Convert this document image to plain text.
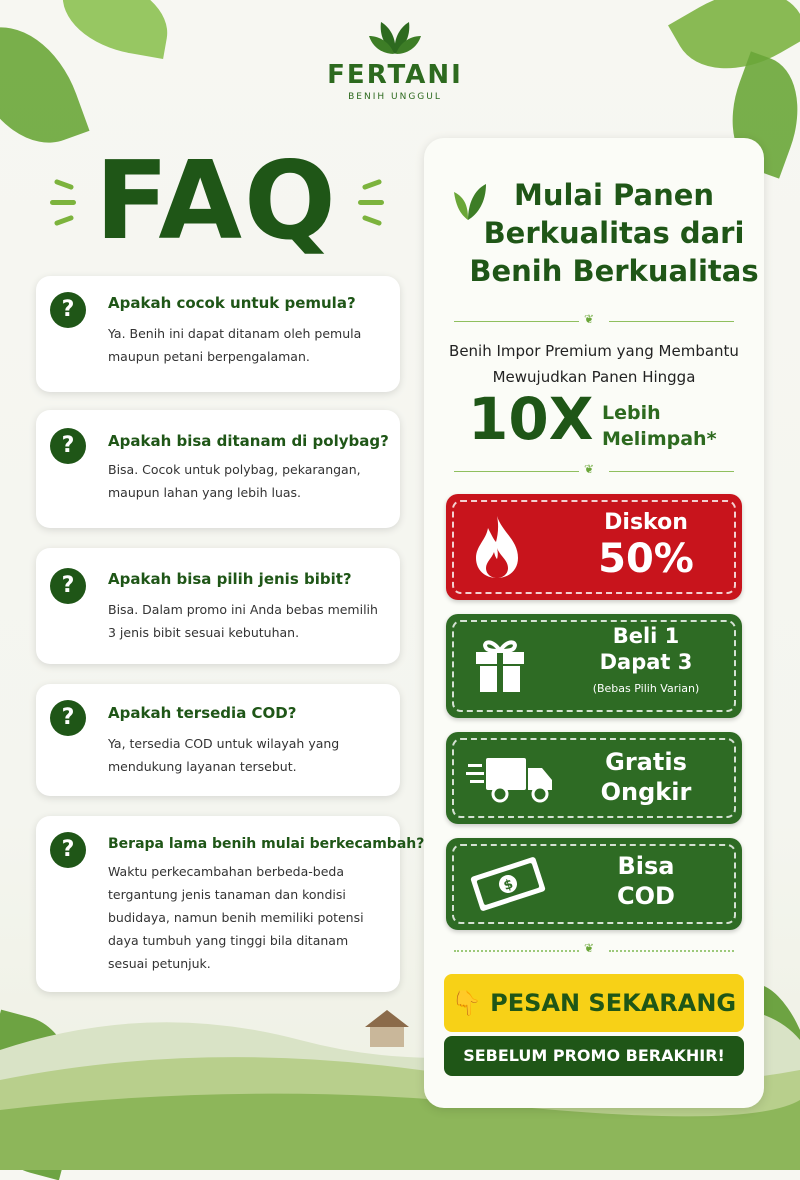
FERTANI
BENIH UNGGUL
FAQ
?	Apakah cocok untuk pemula?
Ya. Benih ini dapat ditanam oleh pemula maupun petani berpengalaman.
?	Apakah bisa ditanam di polybag?
Bisa. Cocok untuk polybag, pekarangan, maupun lahan yang lebih luas.
?	Apakah bisa pilih jenis bibit?
Bisa. Dalam promo ini Anda bebas memilih 3 jenis bibit sesuai kebutuhan.
?	Apakah tersedia COD?
Ya, tersedia COD untuk wilayah yang mendukung layanan tersebut.
?	Berapa lama benih mulai berkecambah?
Waktu perkecambahan berbeda-beda tergantung jenis tanaman dan kondisi budidaya, namun benih memiliki potensi daya tumbuh yang tinggi bila ditanam sesuai petunjuk.
Mulai Panen Berkualitas dari Benih Berkualitas
❦
Benih Impor Premium yang Membantu Mewujudkan Panen Hingga
10X Lebih Melimpah*
❦
Diskon
50%
Beli 1
Dapat 3
(Bebas Pilih Varian)
Gratis
Ongkir
$
Bisa
COD
❦
👇 PESAN SEKARANG
SEBELUM PROMO BERAKHIR!
